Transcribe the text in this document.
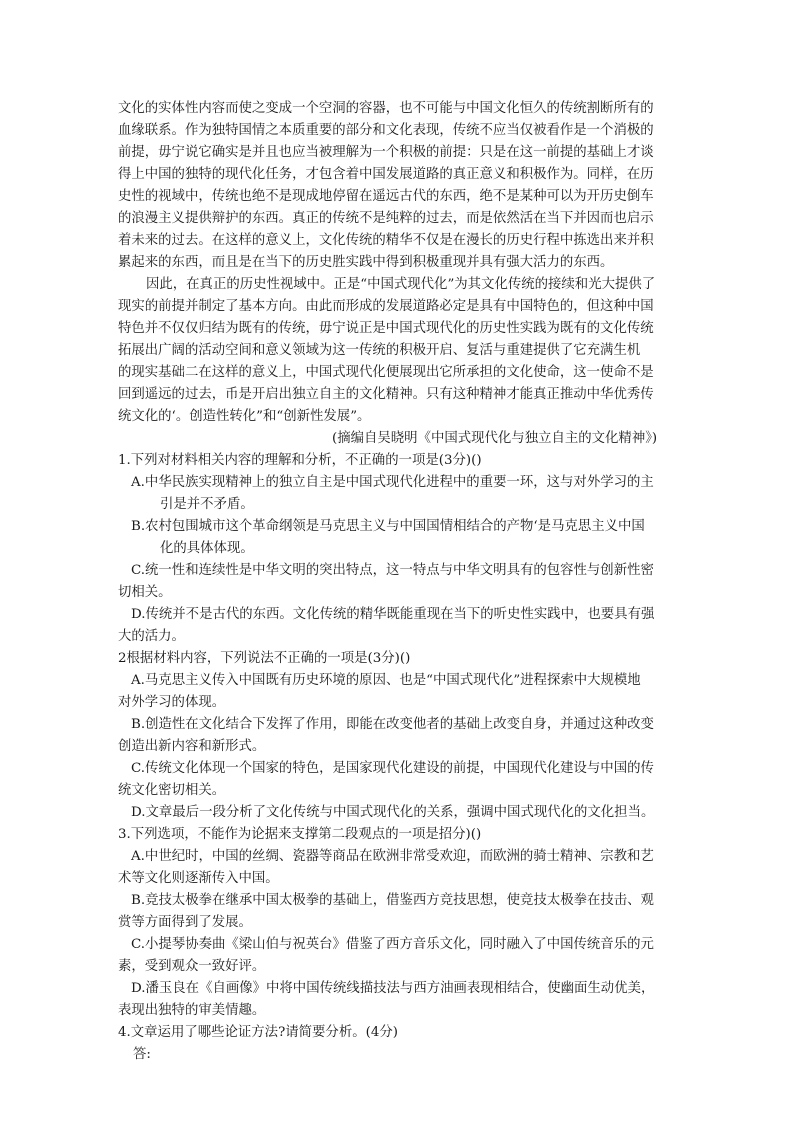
文化的实体性内容而使之变成一个空洞的容器，也不可能与中国文化恒久的传统割断所有的
血缘联系。作为独特国情之本质重要的部分和文化表现，传统不应当仅被看作是一个消极的
前提，毋宁说它确实是并且也应当被理解为一个积极的前提：只是在这一前提的基础上才谈
得上中国的独特的现代化任务，才包含着中国发展道路的真正意义和积极作为。同样，在历
史性的视域中，传统也绝不是现成地停留在遥远古代的东西，绝不是某种可以为开历史倒车
的浪漫主义提供辩护的东西。真正的传统不是纯粹的过去，而是依然活在当下并因而也启示
着未来的过去。在这样的意义上，文化传统的精华不仅是在漫长的历史行程中拣选出来并积
累起来的东西，而且是在当下的历史胜实践中得到积极重现并具有强大活力的东西。
因此，在真正的历史性视域中。正是“中国式现代化”为其文化传统的接续和光大提供了
现实的前提并制定了基本方向。由此而形成的发展道路必定是具有中国特色的，但这种中国
特色并不仅仅归结为既有的传统，毋宁说正是中国式现代化的历史性实践为既有的文化传统
拓展出广阔的活动空间和意义领域为这一传统的积极开启、复活与重建提供了它充满生机
的现实基础二在这样的意义上，中国式现代化便展现出它所承担的文化使命，这一使命不是
回到遥远的过去，币是开启出独立自主的文化精神。只有这种精神才能真正推动中华优秀传
统文化的‘。创造性转化”和“创新性发展”。
(摘编自吴晓明《中国式现代化与独立自主的文化精神》)
1.下列对材料相关内容的理解和分析，不正确的一项是(3分)()
A.中华民族实现精神上的独立自主是中国式现代化进程中的重要一环，这与对外学习的主
引是并不矛盾。
B.农村包围城市这个革命纲领是马克思主义与中国国情相结合的产物‘是马克思主义中国
化的具体体现。
C.统一性和连续性是中华文明的突出特点，这一特点与中华文明具有的包容性与创新性密
切相关。
D.传统并不是古代的东西。文化传统的精华既能重现在当下的听史性实践中，也要具有强
大的活力。
2根据材料内容，下列说法不正确的一项是(3分)()
A.马克思主义传入中国既有历史环境的原因、也是“中国式现代化”进程探索中大规模地
对外学习的体现。
B.创造性在文化结合下发挥了作用，即能在改变他者的基础上改变自身，并通过这种改变
创造出新内容和新形式。
C.传统文化体现一个国家的特色，是国家现代化建设的前提，中国现代化建设与中国的传
统文化密切相关。
D.文章最后一段分析了文化传统与中国式现代化的关系，强调中国式现代化的文化担当。
3.下列选项，不能作为论据来支撑第二段观点的一项是招分)()
A.中世纪时，中国的丝绸、瓷器等商品在欧洲非常受欢迎，而欧洲的骑士精神、宗教和艺
术等文化则逐渐传入中国。
B.竞技太极拳在继承中国太极拳的基础上，借鉴西方竞技思想，使竞技太极拳在技击、观
赏等方面得到了发展。
C.小提琴协奏曲《梁山伯与祝英台》借鉴了西方音乐文化，同时融入了中国传统音乐的元
素，受到观众一致好评。
D.潘玉良在《自画像》中将中国传统线描技法与西方油画表现相结合，使幽面生动优美，
表现出独特的审美情趣。
4.文章运用了哪些论证方法?请简要分析。(4分)
答:
